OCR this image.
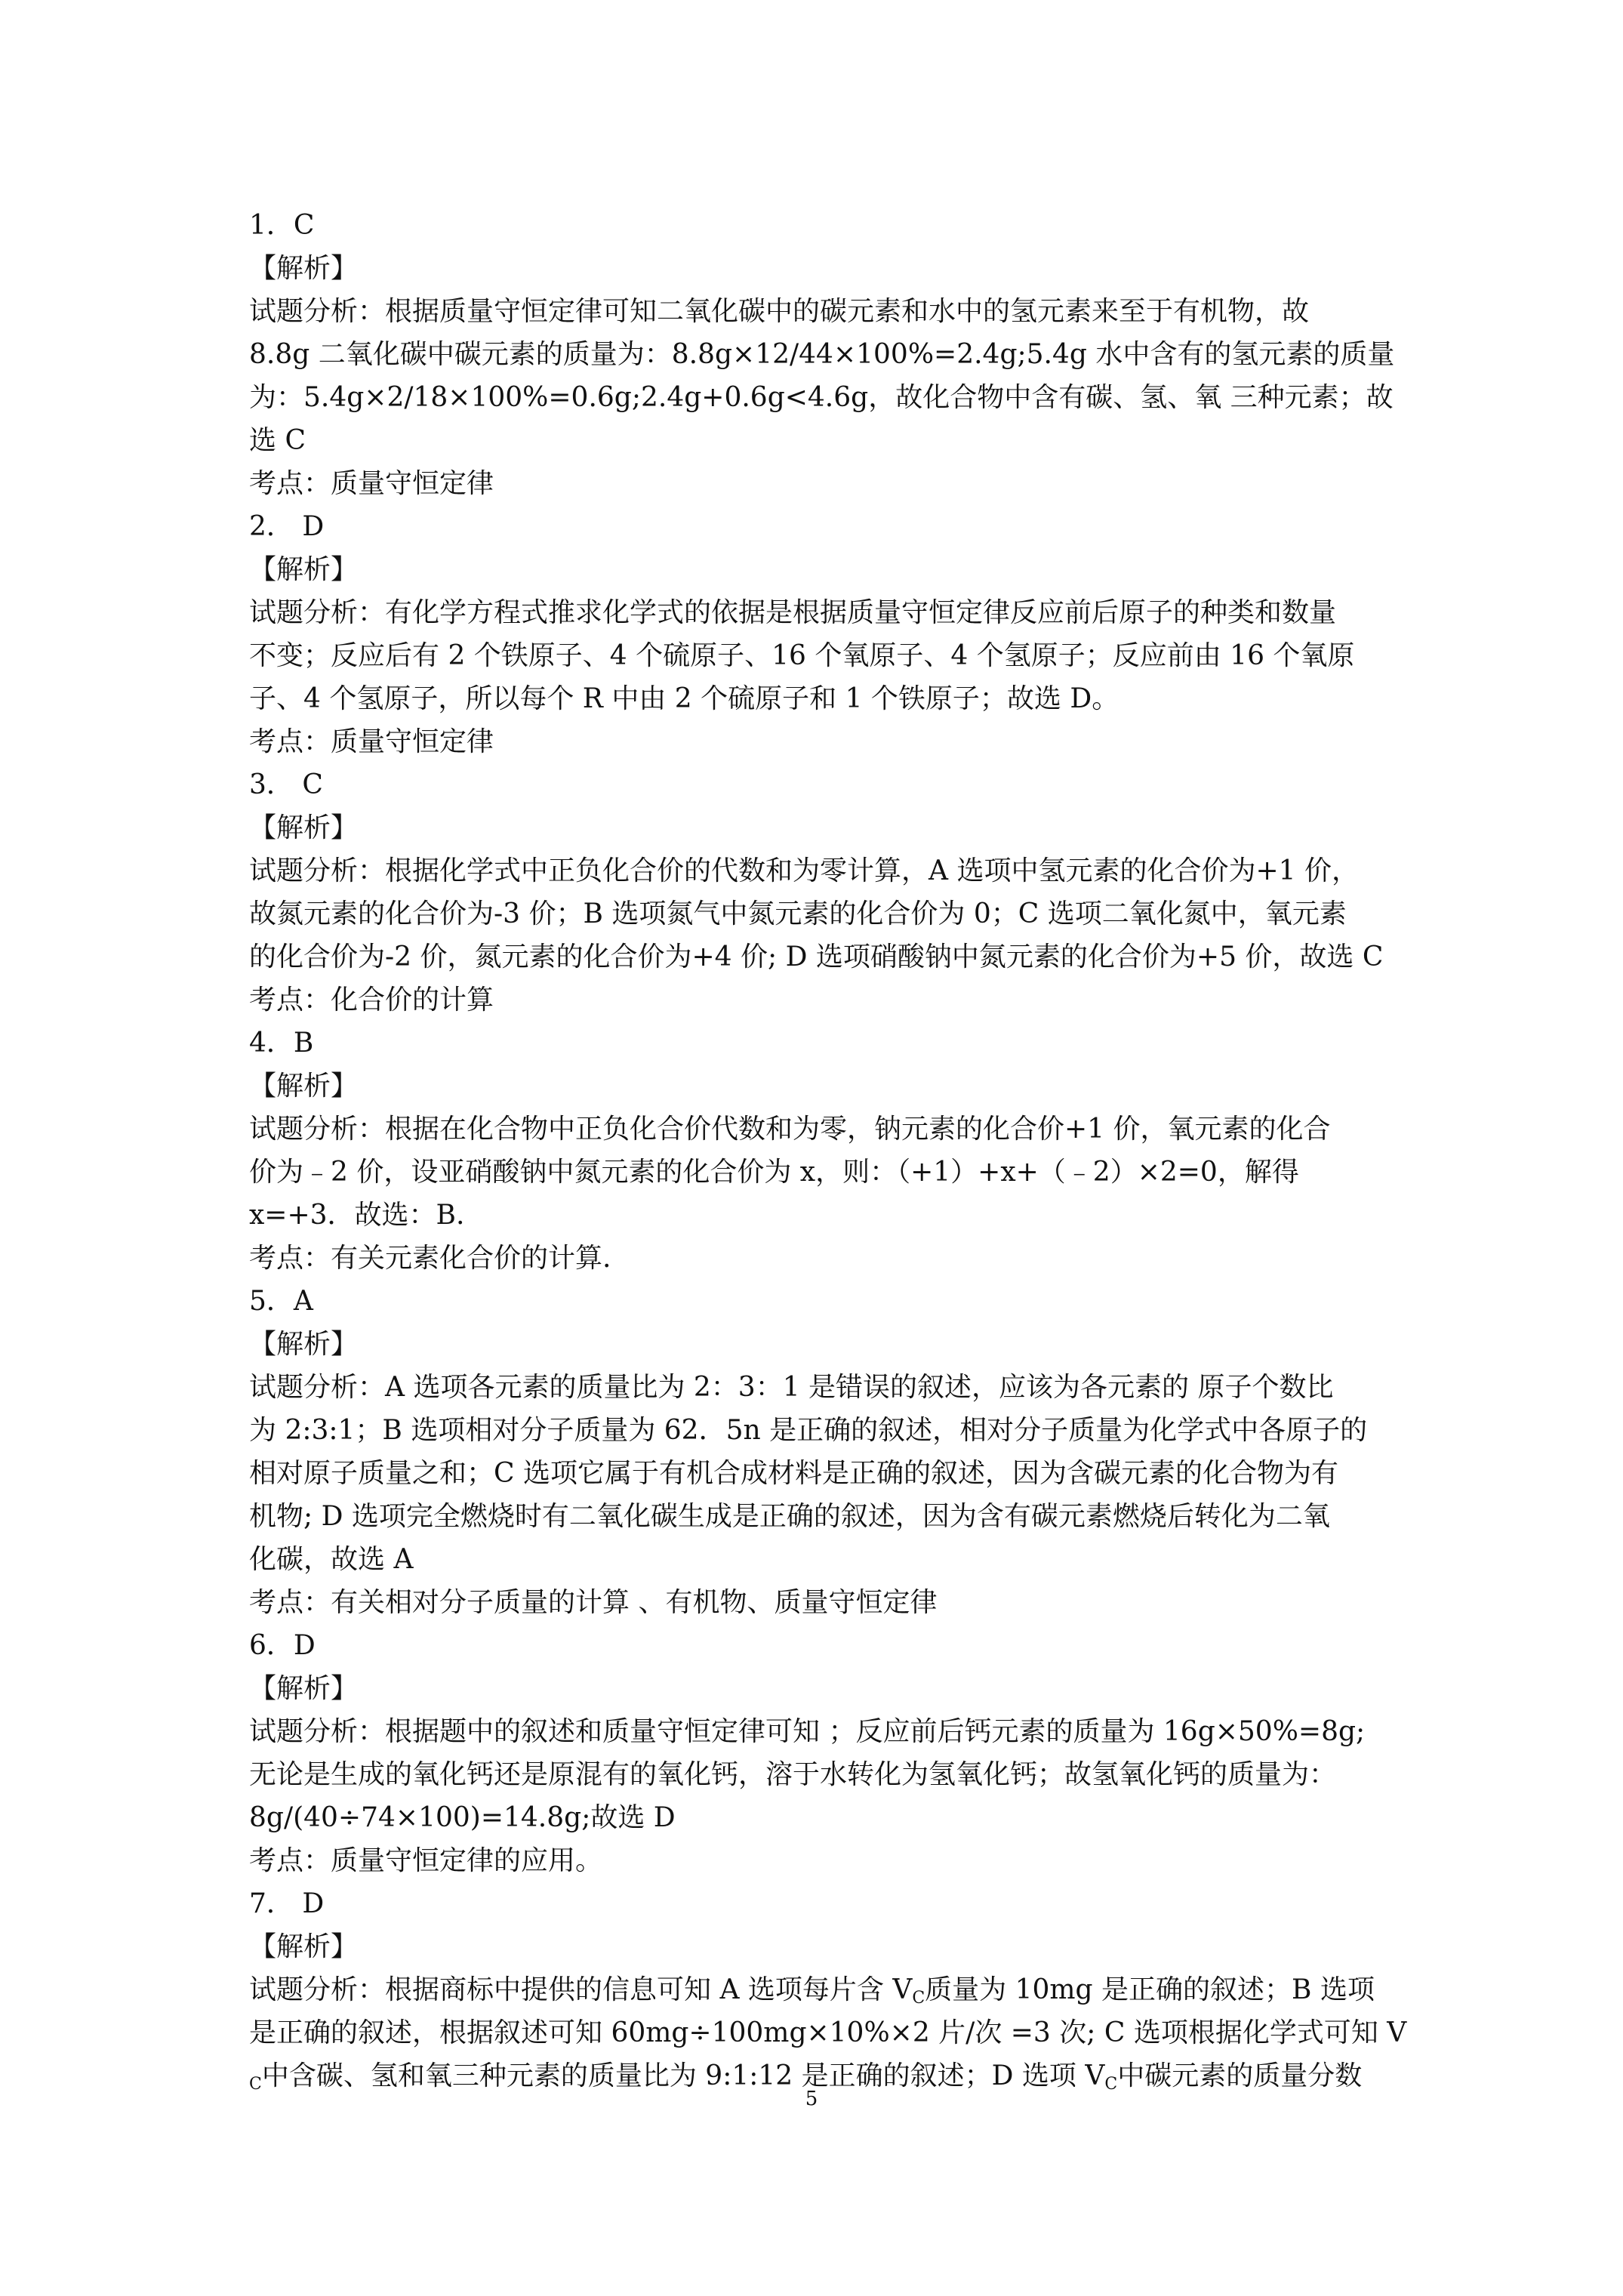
1．C
【解析】
试题分析：根据质量守恒定律可知二氧化碳中的碳元素和水中的氢元素来至于有机物，故
8.8g 二氧化碳中碳元素的质量为：8.8g×12/44×100%=2.4g;5.4g 水中含有的氢元素的质量
为：5.4g×2/18×100%=0.6g;2.4g+0.6g<4.6g，故化合物中含有碳、氢、氧 三种元素；故
选 C
考点：质量守恒定律
2． D
【解析】
试题分析：有化学方程式推求化学式的依据是根据质量守恒定律反应前后原子的种类和数量
不变；反应后有 2 个铁原子、4 个硫原子、16 个氧原子、4 个氢原子；反应前由 16 个氧原
子、4 个氢原子，所以每个 R 中由 2 个硫原子和 1 个铁原子；故选 D。
考点：质量守恒定律
3． C
【解析】
试题分析：根据化学式中正负化合价的代数和为零计算，A 选项中氢元素的化合价为+1 价，
故氮元素的化合价为-3 价；B 选项氮气中氮元素的化合价为 0；C 选项二氧化氮中，氧元素
的化合价为-2 价，氮元素的化合价为+4 价; D 选项硝酸钠中氮元素的化合价为+5 价，故选 C
考点：化合价的计算
4．B
【解析】
试题分析：根据在化合物中正负化合价代数和为零，钠元素的化合价+1 价，氧元素的化合
价为﹣2 价，设亚硝酸钠中氮元素的化合价为 x，则：（+1）+x+（﹣2）×2=0，解得
x=+3．故选：B.
考点：有关元素化合价的计算.
5．A
【解析】
试题分析：A 选项各元素的质量比为 2：3：1 是错误的叙述，应该为各元素的 原子个数比
为 2:3:1；B 选项相对分子质量为 62．5n 是正确的叙述，相对分子质量为化学式中各原子的
相对原子质量之和；C 选项它属于有机合成材料是正确的叙述，因为含碳元素的化合物为有
机物; D 选项完全燃烧时有二氧化碳生成是正确的叙述，因为含有碳元素燃烧后转化为二氧
化碳，故选 A
考点：有关相对分子质量的计算 、有机物、质量守恒定律
6．D
【解析】
试题分析：根据题中的叙述和质量守恒定律可知 ；反应前后钙元素的质量为 16g×50%=8g;
无论是生成的氧化钙还是原混有的氧化钙，溶于水转化为氢氧化钙；故氢氧化钙的质量为：
8g/(40÷74×100)=14.8g;故选 D
考点：质量守恒定律的应用。
7． D
【解析】
试题分析：根据商标中提供的信息可知 A 选项每片含 $V_C$质量为 10mg 是正确的叙述；B 选项
是正确的叙述，根据叙述可知 60mg÷100mg×10%×2 片/次 =3 次; C 选项根据化学式可知 V
$_C$中含碳、氢和氧三种元素的质量比为 9:1:12 是正确的叙述；D 选项 $V_C$中碳元素的质量分数
5
